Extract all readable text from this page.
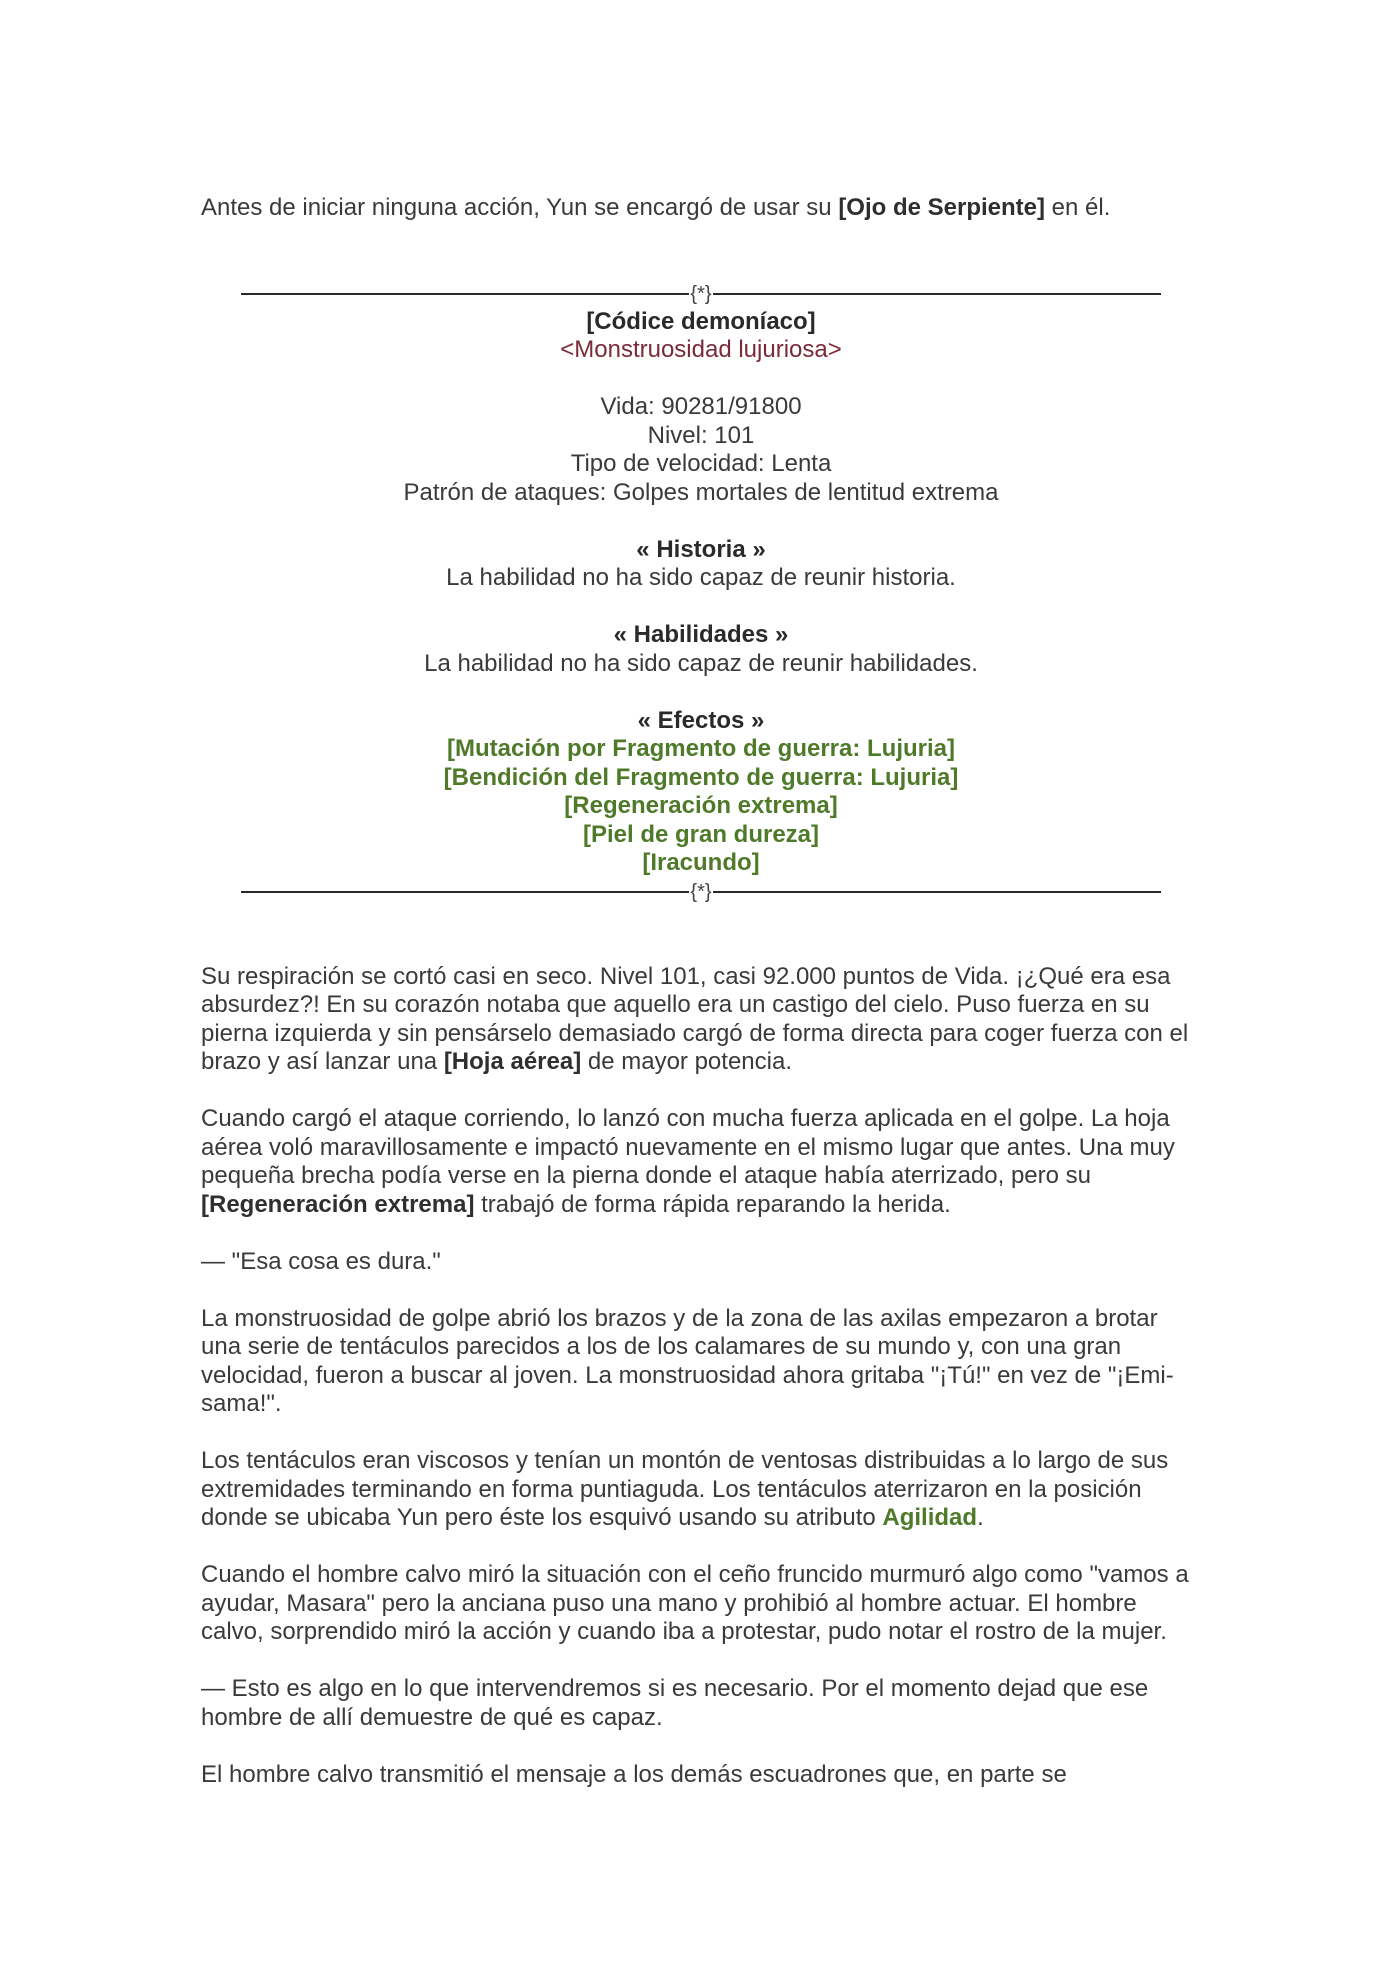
Antes de iniciar ninguna acción, Yun se encargó de usar su [Ojo de Serpiente] en él.

{*}
[Códice demoníaco]
<Monstruosidad lujuriosa>
Vida: 90281/91800
Nivel: 101
Tipo de velocidad: Lenta
Patrón de ataques: Golpes mortales de lentitud extrema
« Historia »
La habilidad no ha sido capaz de reunir historia.
« Habilidades »
La habilidad no ha sido capaz de reunir habilidades.
« Efectos »
[Mutación por Fragmento de guerra: Lujuria]
[Bendición del Fragmento de guerra: Lujuria]
[Regeneración extrema]
[Piel de gran dureza]
[Iracundo]
{*}

Su respiración se cortó casi en seco. Nivel 101, casi 92.000 puntos de Vida. ¡¿Qué era esa absurdez?! En su corazón notaba que aquello era un castigo del cielo. Puso fuerza en su pierna izquierda y sin pensárselo demasiado cargó de forma directa para coger fuerza con el brazo y así lanzar una [Hoja aérea] de mayor potencia.

Cuando cargó el ataque corriendo, lo lanzó con mucha fuerza aplicada en el golpe. La hoja aérea voló maravillosamente e impactó nuevamente en el mismo lugar que antes. Una muy pequeña brecha podía verse en la pierna donde el ataque había aterrizado, pero su [Regeneración extrema] trabajó de forma rápida reparando la herida.

— "Esa cosa es dura."

La monstruosidad de golpe abrió los brazos y de la zona de las axilas empezaron a brotar una serie de tentáculos parecidos a los de los calamares de su mundo y, con una gran velocidad, fueron a buscar al joven. La monstruosidad ahora gritaba "¡Tú!" en vez de "¡Emi-sama!".

Los tentáculos eran viscosos y tenían un montón de ventosas distribuidas a lo largo de sus extremidades terminando en forma puntiaguda. Los tentáculos aterrizaron en la posición donde se ubicaba Yun pero éste los esquivó usando su atributo Agilidad.

Cuando el hombre calvo miró la situación con el ceño fruncido murmuró algo como "vamos a ayudar, Masara" pero la anciana puso una mano y prohibió al hombre actuar. El hombre calvo, sorprendido miró la acción y cuando iba a protestar, pudo notar el rostro de la mujer.

— Esto es algo en lo que intervendremos si es necesario. Por el momento dejad que ese hombre de allí demuestre de qué es capaz.

El hombre calvo transmitió el mensaje a los demás escuadrones que, en parte se
